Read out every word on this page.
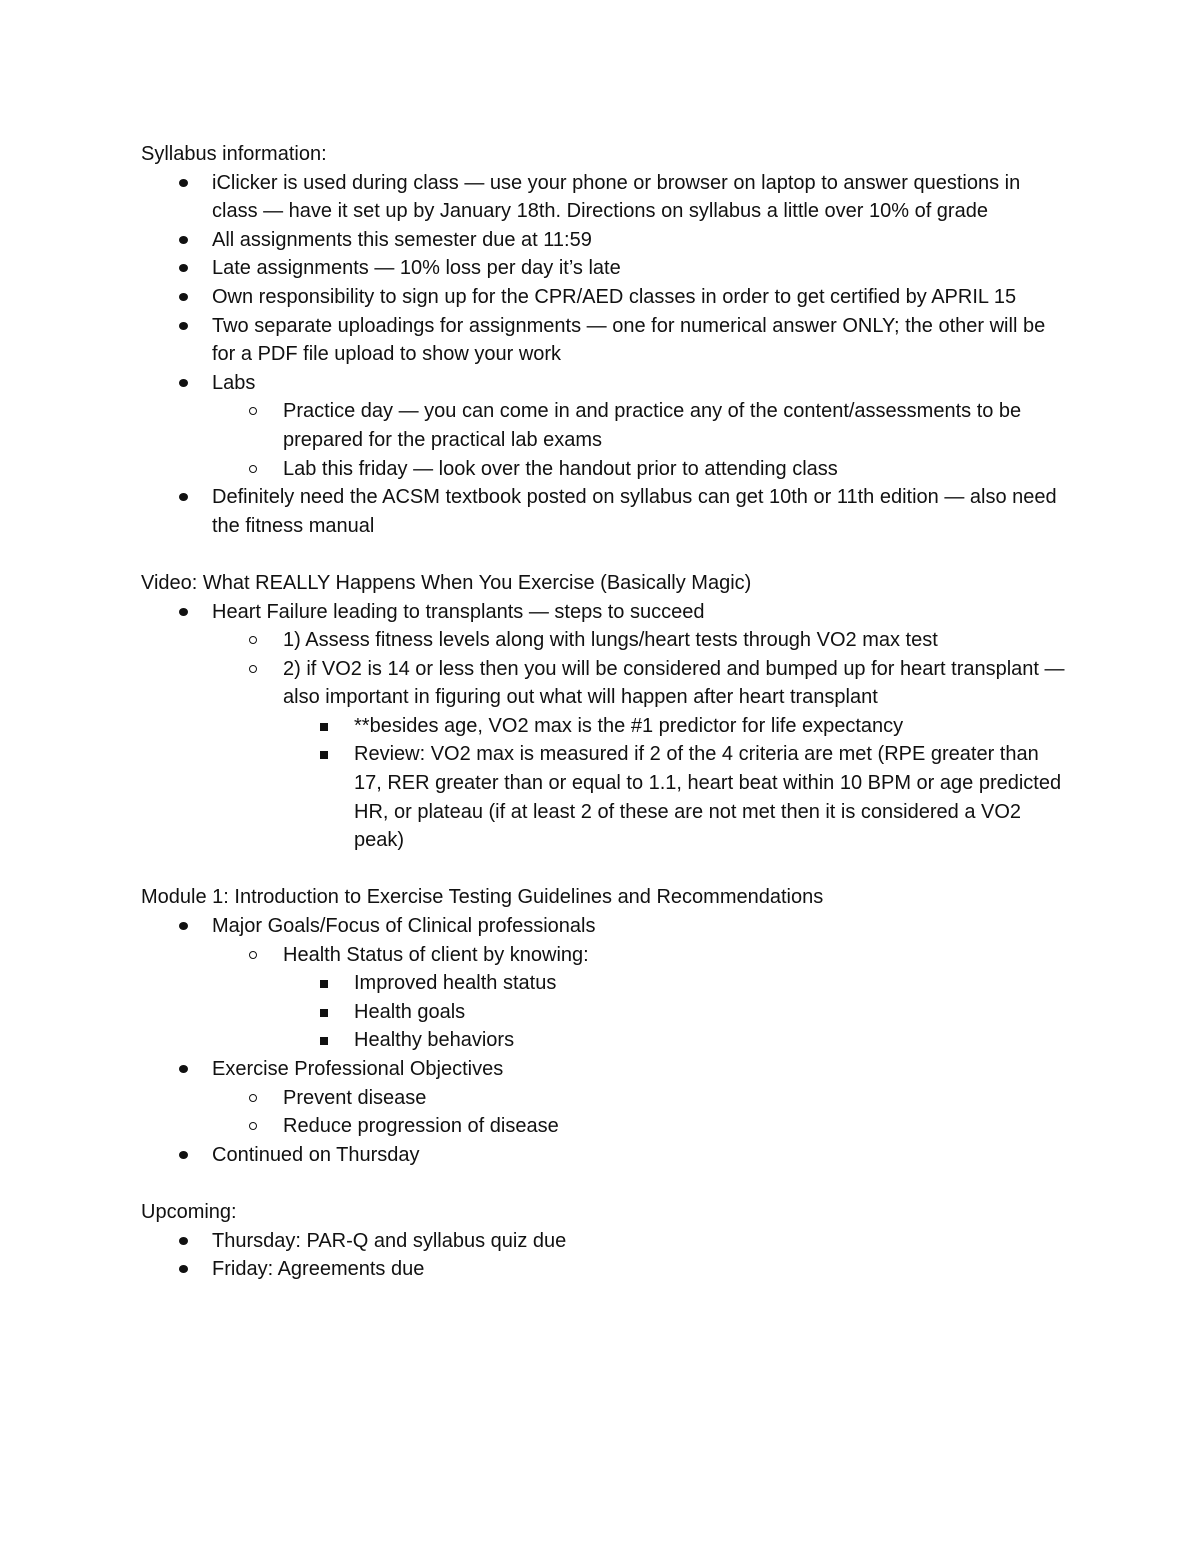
Syllabus information:
iClicker is used during class — use your phone or browser on laptop to answer questions in class — have it set up by January 18th. Directions on syllabus a little over 10% of grade
All assignments this semester due at 11:59
Late assignments — 10% loss per day it’s late
Own responsibility to sign up for the CPR/AED classes in order to get certified by APRIL 15
Two separate uploadings for assignments — one for numerical answer ONLY; the other will be for a PDF file upload to show your work
Labs
Practice day — you can come in and practice any of the content/assessments to be prepared for the practical lab exams
Lab this friday — look over the handout prior to attending class
Definitely need the ACSM textbook posted on syllabus can get 10th or 11th edition — also need the fitness manual
Video: What REALLY Happens When You Exercise (Basically Magic)
Heart Failure leading to transplants — steps to succeed
1) Assess fitness levels along with lungs/heart tests through VO2 max test
2) if VO2 is 14 or less then you will be considered and bumped up for heart transplant — also important in figuring out what will happen after heart transplant
**besides age, VO2 max is the #1 predictor for life expectancy
Review: VO2 max is measured if 2 of the 4 criteria are met (RPE greater than 17, RER greater than or equal to 1.1, heart beat within 10 BPM or age predicted HR, or plateau (if at least 2 of these are not met then it is considered a VO2 peak)
Module 1: Introduction to Exercise Testing Guidelines and Recommendations
Major Goals/Focus of Clinical professionals
Health Status of client by knowing:
Improved health status
Health goals
Healthy behaviors
Exercise Professional Objectives
Prevent disease
Reduce progression of disease
Continued on Thursday
Upcoming:
Thursday: PAR-Q and syllabus quiz due
Friday: Agreements due
